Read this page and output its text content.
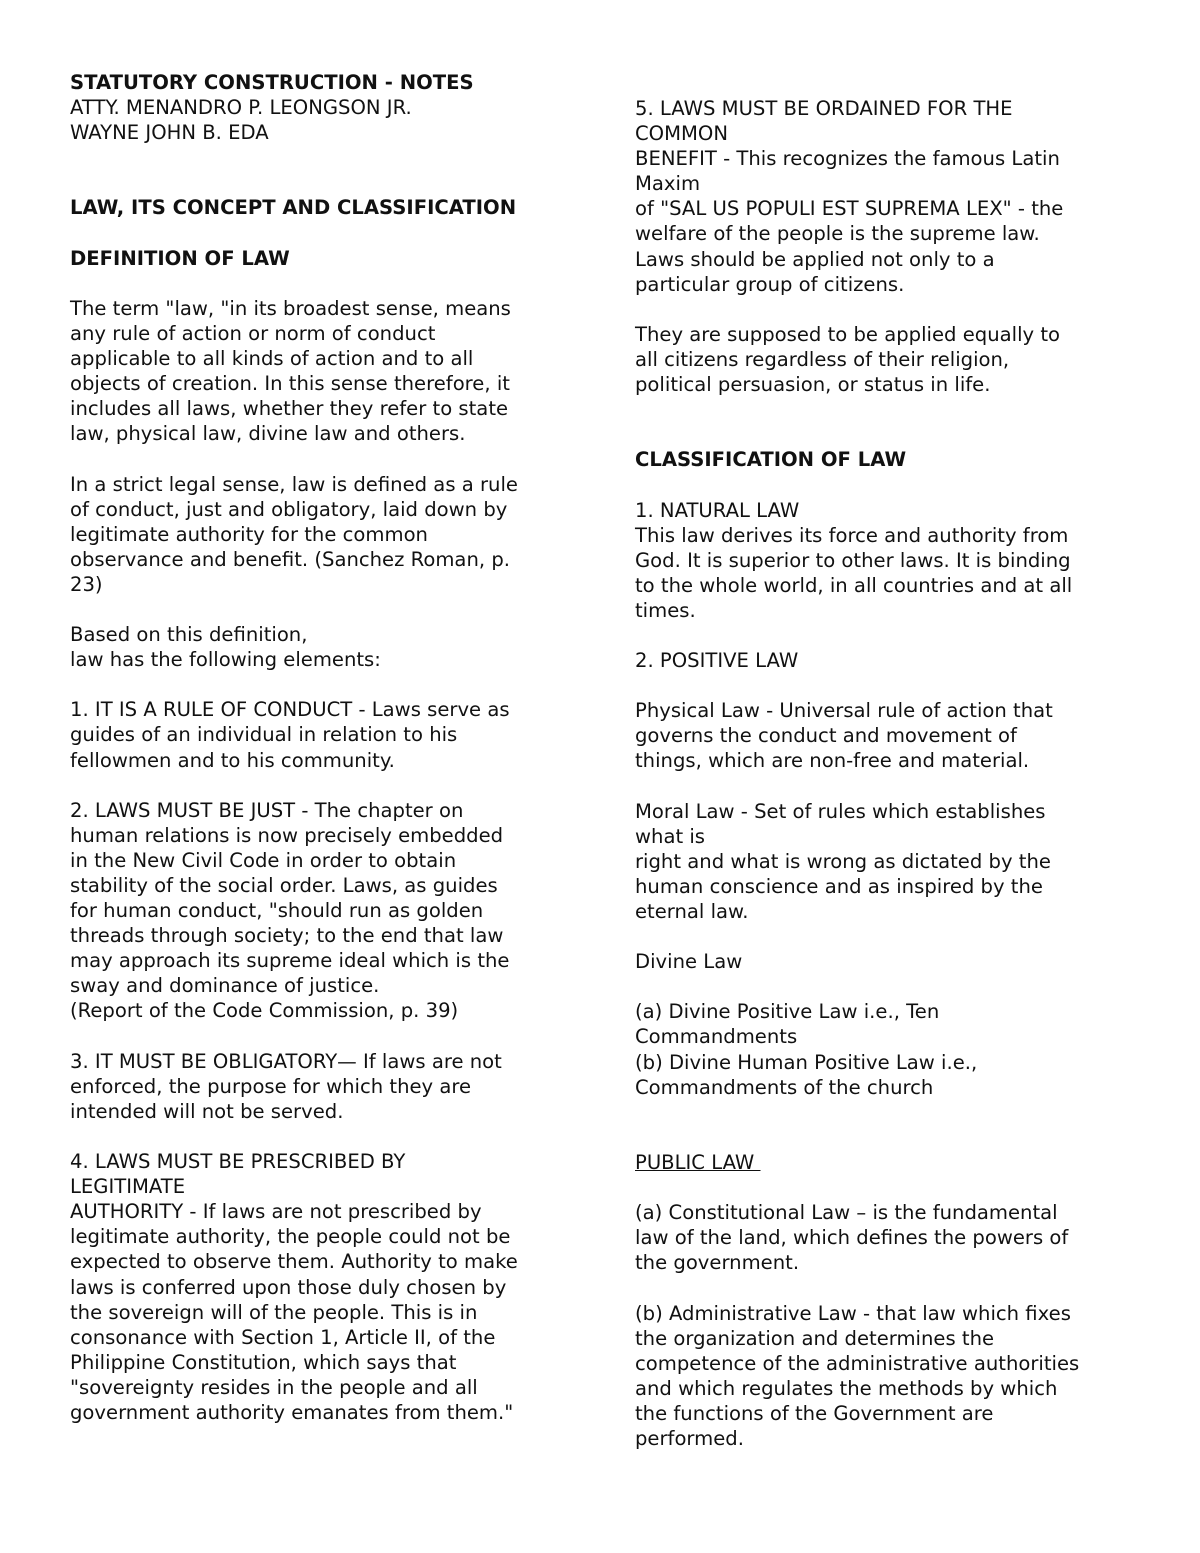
STATUTORY CONSTRUCTION - NOTES
ATTY. MENANDRO P. LEONGSON JR.
WAYNE JOHN B. EDA
LAW, ITS CONCEPT AND CLASSIFICATION
DEFINITION OF LAW
The term "law, "in its broadest sense, means
any rule of action or norm of conduct
applicable to all kinds of action and to all
objects of creation. In this sense therefore, it
includes all laws, whether they refer to state
law, physical law, divine law and others.
In a strict legal sense, law is defined as a rule
of conduct, just and obligatory, laid down by
legitimate authority for the common
observance and benefit. (Sanchez Roman, p.
23)
Based on this definition,
law has the following elements:
1. IT IS A RULE OF CONDUCT - Laws serve as
guides of an individual in relation to his
fellowmen and to his community.
2. LAWS MUST BE JUST - The chapter on
human relations is now precisely embedded
in the New Civil Code in order to obtain
stability of the social order. Laws, as guides
for human conduct, "should run as golden
threads through society; to the end that law
may approach its supreme ideal which is the
sway and dominance of justice.
(Report of the Code Commission, p. 39)
3. IT MUST BE OBLIGATORY— If laws are not
enforced, the purpose for which they are
intended will not be served.
4. LAWS MUST BE PRESCRIBED BY
LEGITIMATE
AUTHORITY - If laws are not prescribed by
legitimate authority, the people could not be
expected to observe them. Authority to make
laws is conferred upon those duly chosen by
the sovereign will of the people. This is in
consonance with Section 1, Article II, of the
Philippine Constitution, which says that
"sovereignty resides in the people and all
government authority emanates from them."
5. LAWS MUST BE ORDAINED FOR THE
COMMON
BENEFIT - This recognizes the famous Latin
Maxim
of "SAL US POPULI EST SUPREMA LEX" - the
welfare of the people is the supreme law.
Laws should be applied not only to a
particular group of citizens.
They are supposed to be applied equally to
all citizens regardless of their religion,
political persuasion, or status in life.
CLASSIFICATION OF LAW
1. NATURAL LAW
This law derives its force and authority from
God. It is superior to other laws. It is binding
to the whole world, in all countries and at all
times.
2. POSITIVE LAW
Physical Law - Universal rule of action that
governs the conduct and movement of
things, which are non-free and material.
Moral Law - Set of rules which establishes
what is
right and what is wrong as dictated by the
human conscience and as inspired by the
eternal law.
Divine Law
(a) Divine Positive Law i.e., Ten
Commandments
(b) Divine Human Positive Law i.e.,
Commandments of the church
PUBLIC LAW
(a) Constitutional Law – is the fundamental
law of the land, which defines the powers of
the government.
(b) Administrative Law - that law which fixes
the organization and determines the
competence of the administrative authorities
and which regulates the methods by which
the functions of the Government are
performed.
